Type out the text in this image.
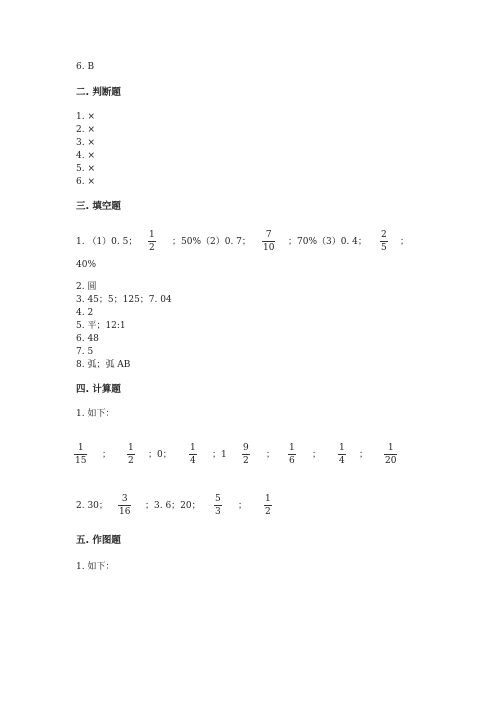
6. B
二. 判断题
1. ×
2. ×
3. ×
4. ×
5. ×
6. ×
三. 填空题
1. （1）0. 5；
1
2
；50%（2）0. 7；
7
10
；70%（3）0. 4；
2
5
；
40%
2. 圆
3. 45；5；125；7. 04
4. 2
5. 平；12:1
6. 48
7. 5
8. 弧；弧 AB
四. 计算题
1. 如下：
1
15
；
1
2
；0；
1
4
；1
9
2
；
1
6
；
1
4
；
1
20
2. 30；
3
16
；3. 6；20；
5
3
；
1
2
五. 作图题
1. 如下：
